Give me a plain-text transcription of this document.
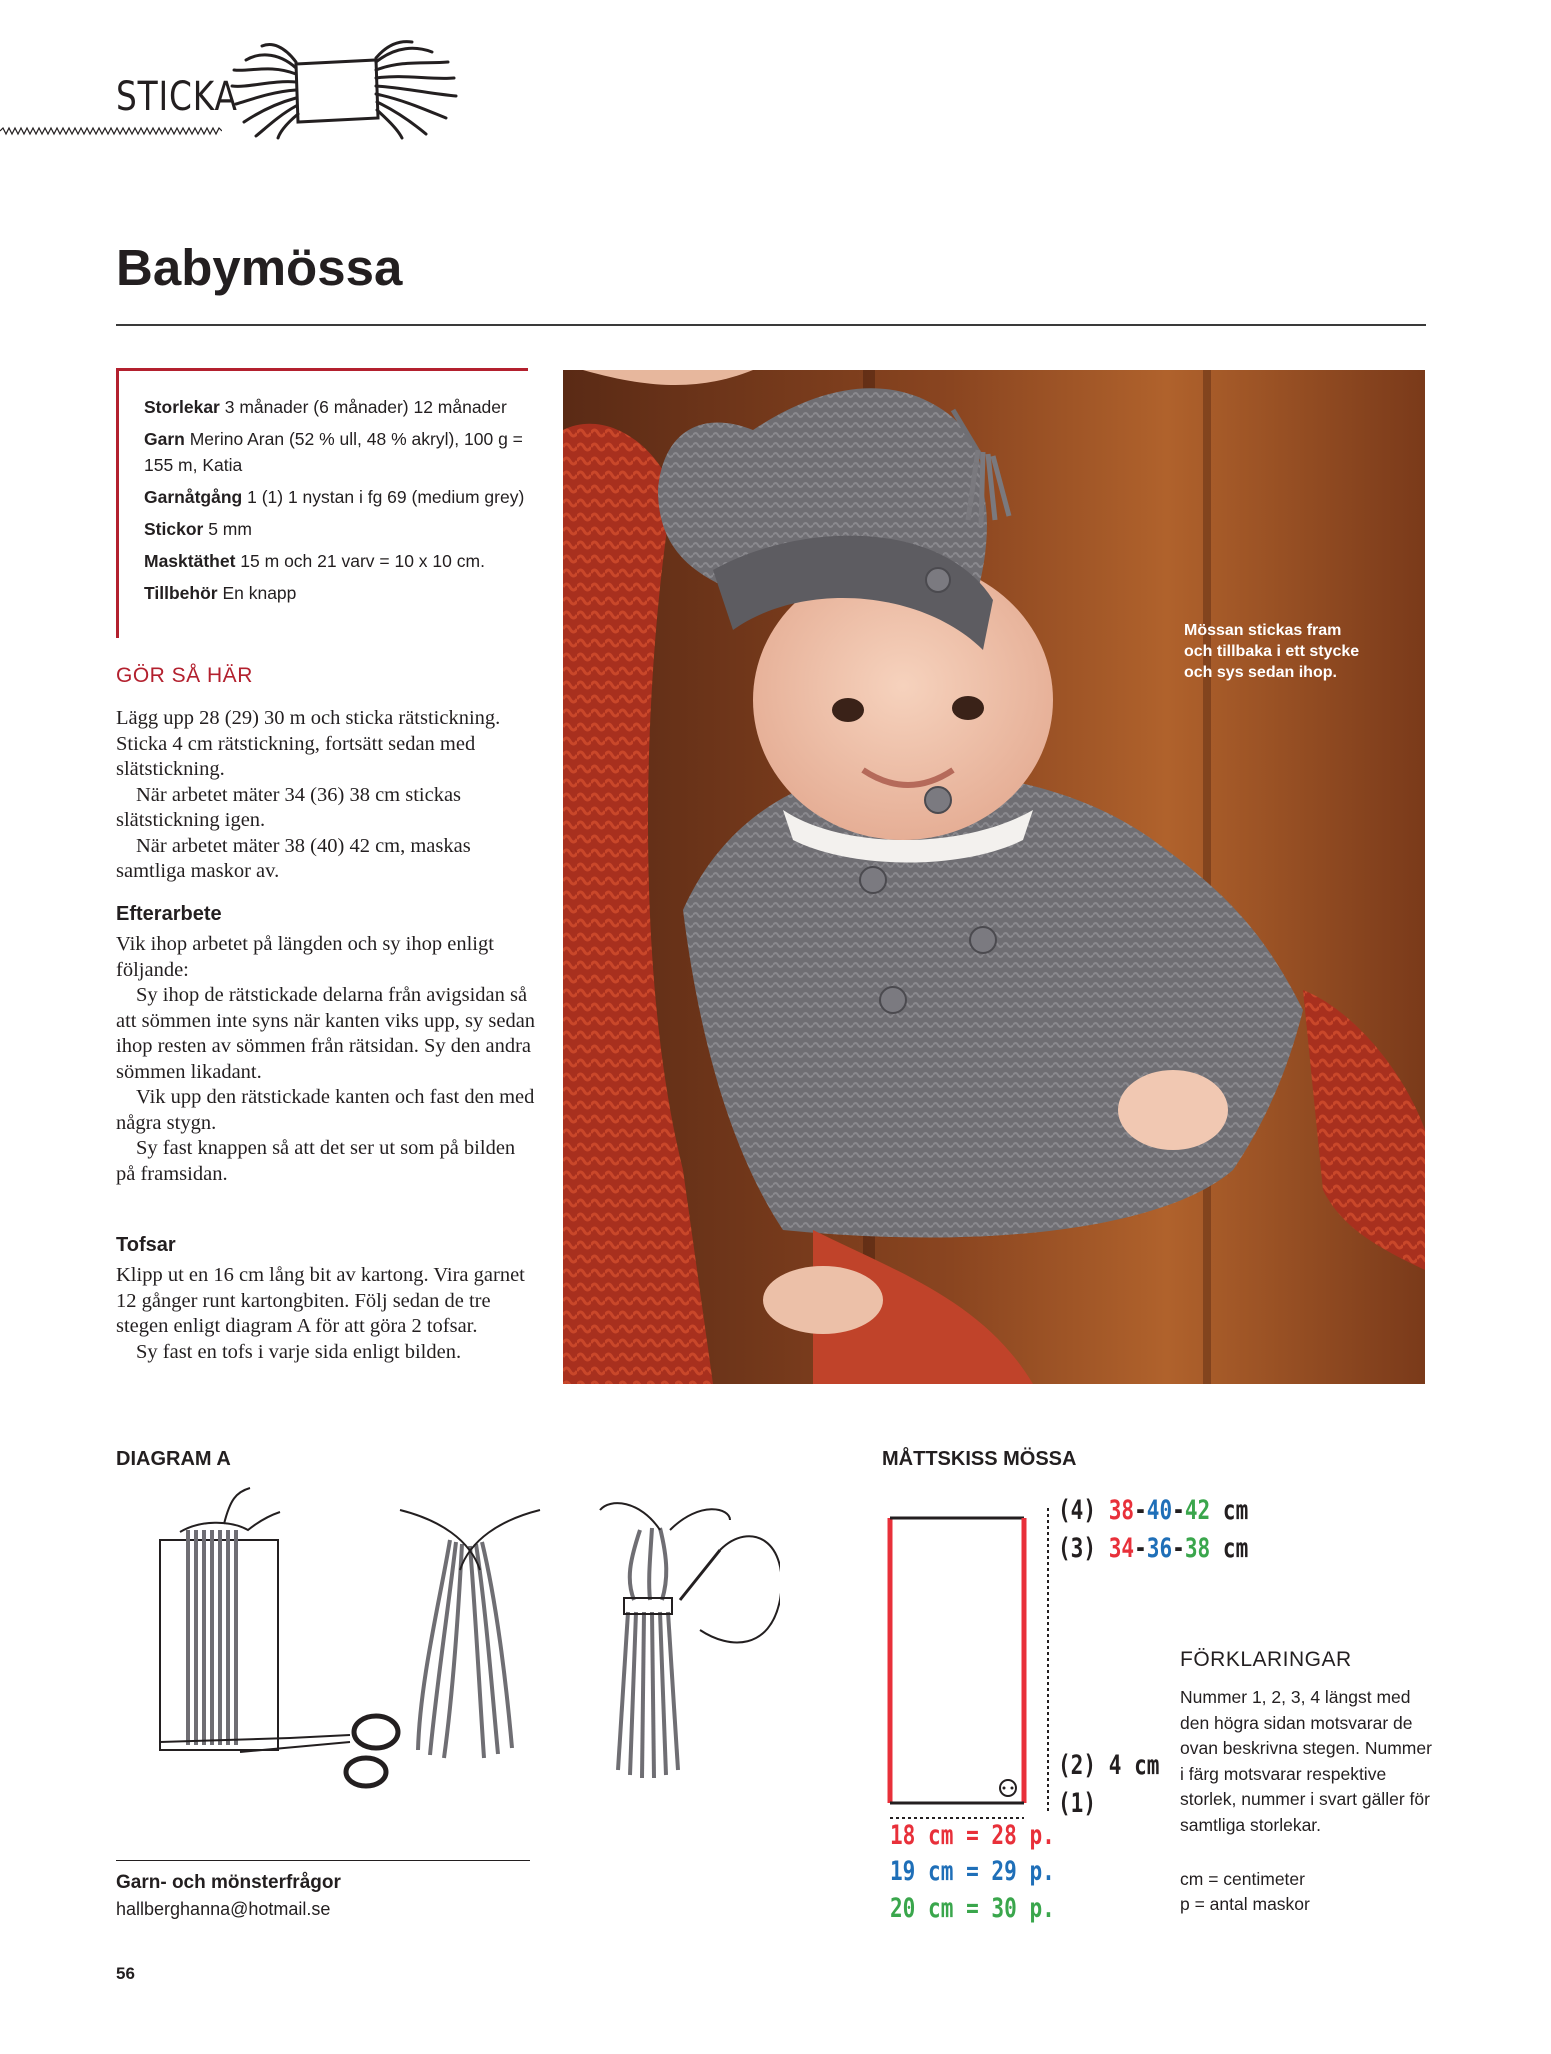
STICKA
Babymössa
Storlekar 3 månader (6 månader) 12 månader
Garn Merino Aran (52 % ull, 48 % akryl), 100 g = 155 m, Katia
Garnåtgång 1 (1) 1 nystan i fg 69 (medium grey)
Stickor 5 mm
Masktäthet 15 m och 21 varv = 10 x 10 cm.
Tillbehör En knapp
GÖR SÅ HÄR

Lägg upp 28 (29) 30 m och sticka rätstickning. Sticka 4 cm rätstickning, fortsätt sedan med slätstickning.

När arbetet mäter 34 (36) 38 cm stickas slätstickning igen.

När arbetet mäter 38 (40) 42 cm, maskas samtliga maskor av.

Efterarbete

Vik ihop arbetet på längden och sy ihop enligt följande:

Sy ihop de rätstickade delarna från avigsidan så att sömmen inte syns när kanten viks upp, sy sedan ihop resten av sömmen från rätsidan. Sy den andra sömmen likadant.

Vik upp den rätstickade kanten och fast den med några stygn.

Sy fast knappen så att det ser ut som på bilden på framsidan.

Tofsar

Klipp ut en 16 cm lång bit av kartong. Vira garnet 12 gånger runt kartongbiten. Följ sedan de tre stegen enligt diagram A för att göra 2 tofsar.

Sy fast en tofs i varje sida enligt bilden.

Mössan stickas fram och tillbaka i ett stycke och sys sedan ihop.
DIAGRAM A	MÅTTSKISS MÖSSA
(4) 38-40-42 cm
(3) 34-36-38 cm
(2) 4 cm
(1)
18 cm = 28 p.
19 cm = 29 p.
20 cm = 30 p.
FÖRKLARINGAR
Nummer 1, 2, 3, 4 längst med den högra sidan motsvarar de ovan beskrivna stegen. Nummer i färg motsvarar respektive storlek, nummer i svart gäller för samtliga storlekar.
cm = centimeter
p = antal maskor
Garn- och mönsterfrågor
hallberghanna@hotmail.se
56
